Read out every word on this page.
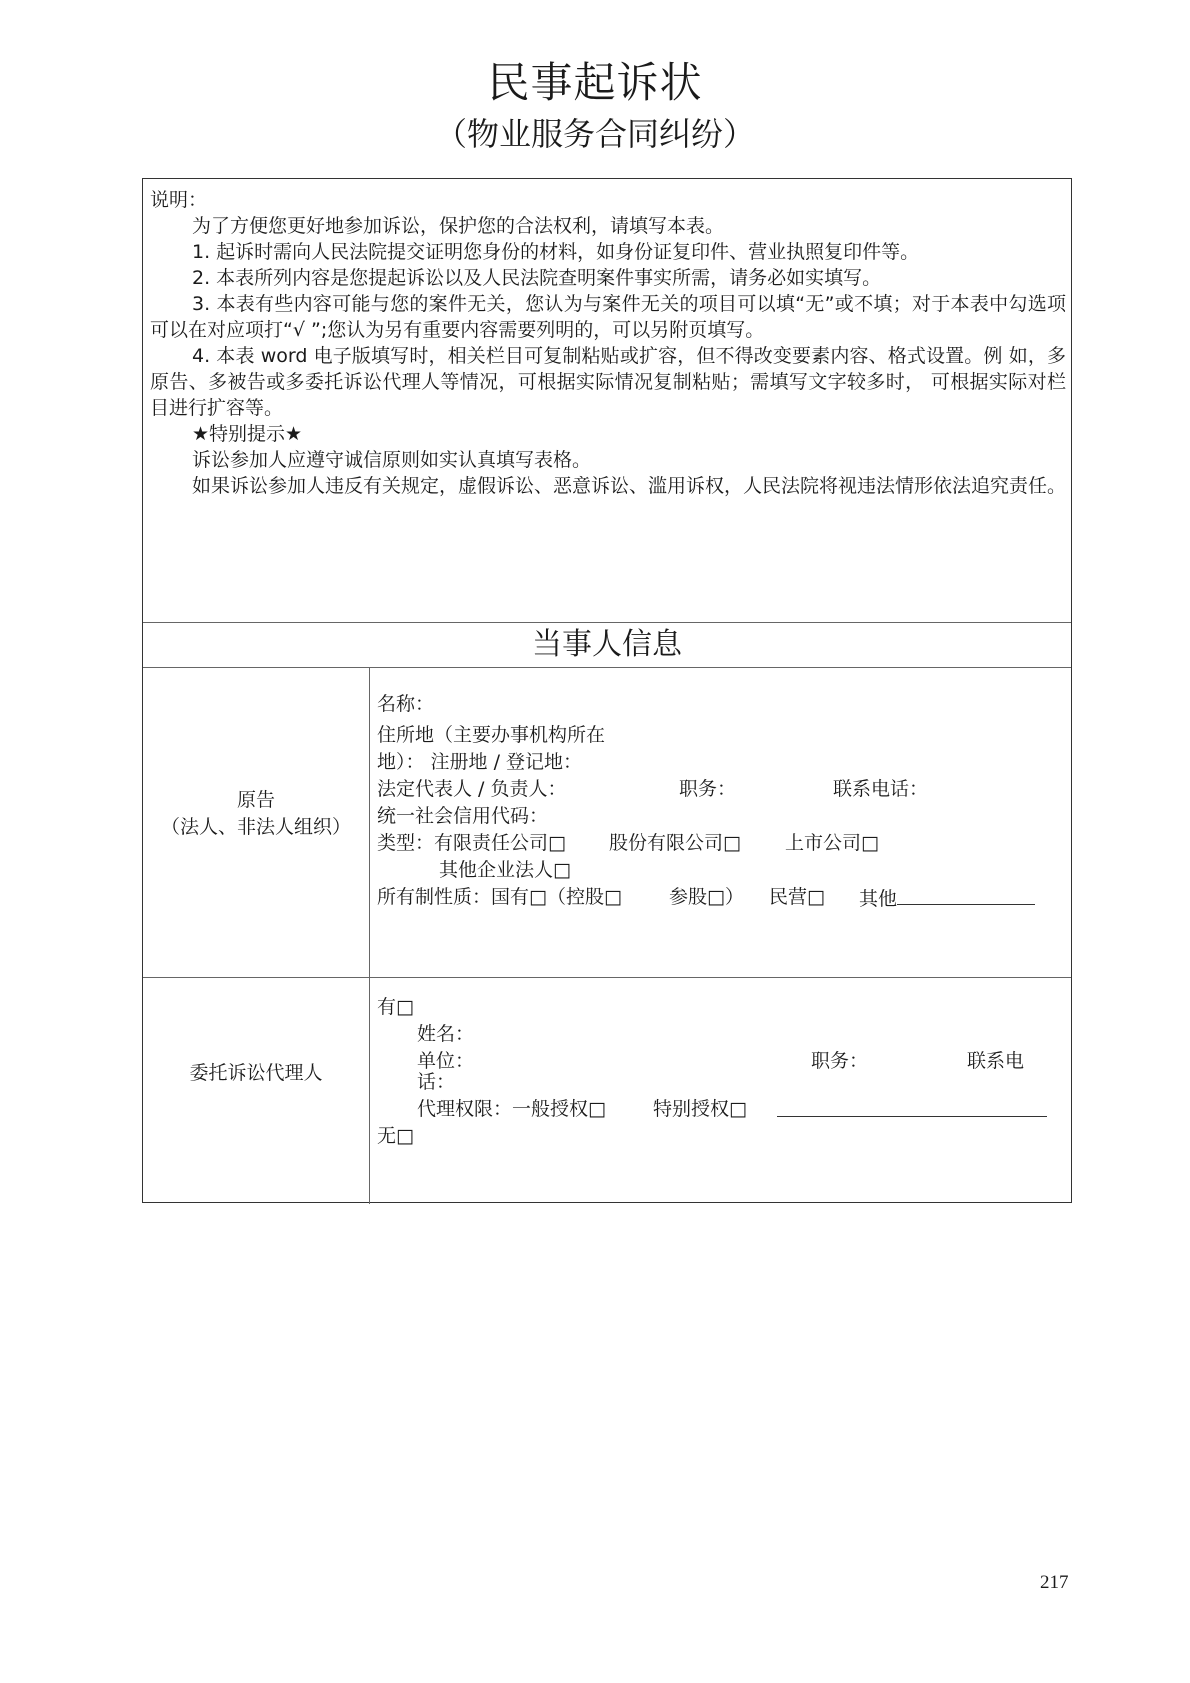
民事起诉状
（物业服务合同纠纷）

说明：

为了方便您更好地参加诉讼，保护您的合法权利，请填写本表。

1. 起诉时需向人民法院提交证明您身份的材料，如身份证复印件、营业执照复印件等。

2. 本表所列内容是您提起诉讼以及人民法院查明案件事实所需，请务必如实填写。

3. 本表有些内容可能与您的案件无关，您认为与案件无关的项目可以填“无”或不填；对于本表中勾选项可以在对应项打“√ ”;您认为另有重要内容需要列明的，可以另附页填写。

4. 本表 word 电子版填写时，相关栏目可复制粘贴或扩容，但不得改变要素内容、格式设置。例 如，多原告、多被告或多委托诉讼代理人等情况，可根据实际情况复制粘贴；需填写文字较多时， 可根据实际对栏目进行扩容等。

★特别提示★

诉讼参加人应遵守诚信原则如实认真填写表格。

如果诉讼参加人违反有关规定，虚假诉讼、恶意诉讼、滥用诉权，人民法院将视违法情形依法追究责任。

当事人信息
原告
（法人、非法人组织）
名称：
住所地（主要办事机构所在
地）： 注册地 / 登记地：
法定代表人 / 负责人：	职务：	联系电话：
统一社会信用代码：
类型：有限责任公司□ 股份有限公司□ 上市公司□
其他企业法人□
所有制性质：国有□（控股□ 参股□） 民营□ 其他
委托诉讼代理人
有□
姓名：
单位：	职务：	联系电
话：
代理权限：一般授权□ 特别授权□
无□
217
